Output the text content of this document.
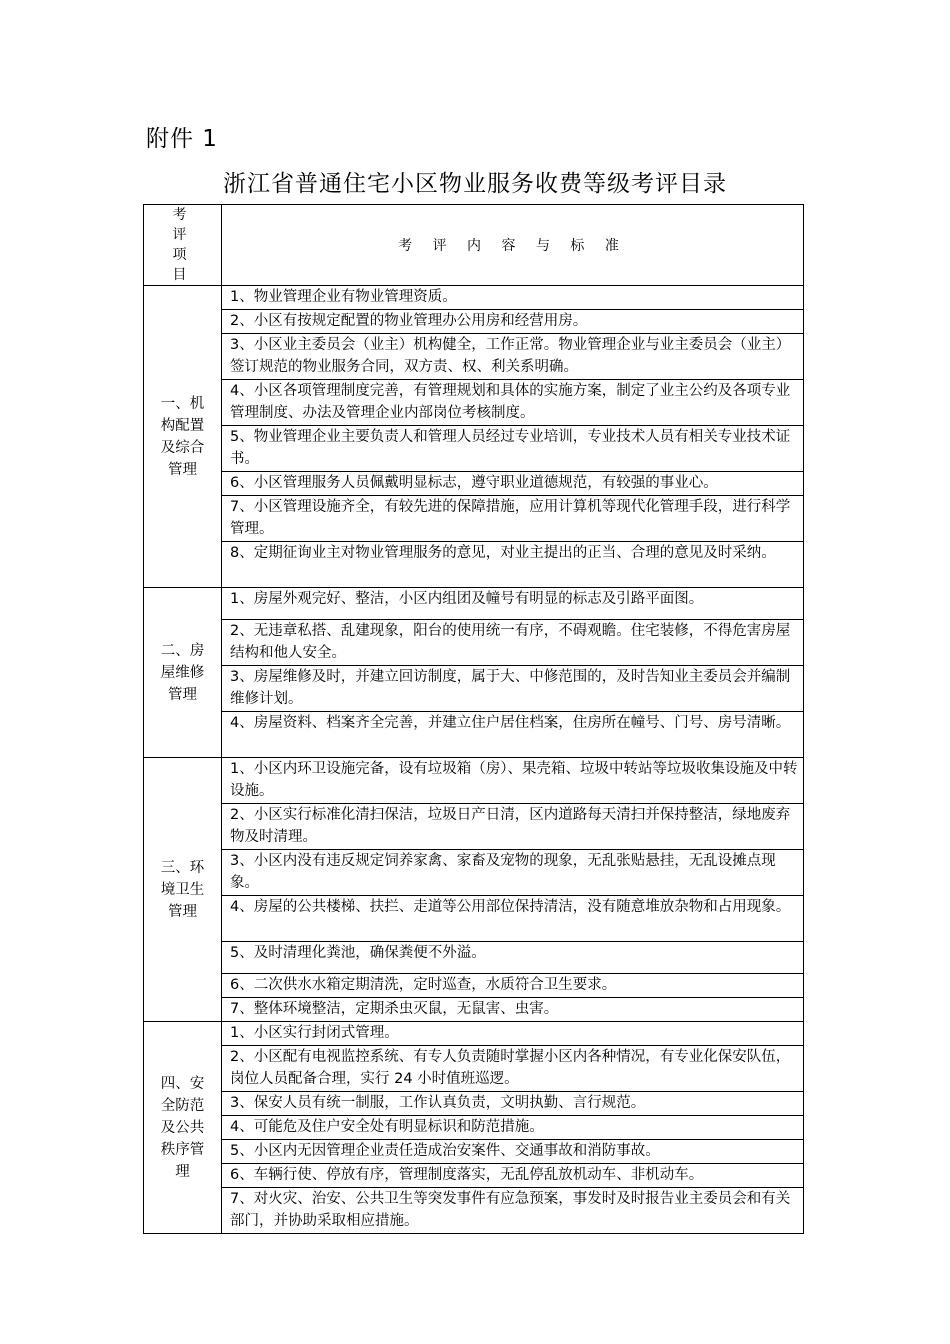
附件 1
浙江省普通住宅小区物业服务收费等级考评目录
考 评 项 目	考 评 内 容 与 标 准
一、机构配置及综合管理	1、物业管理企业有物业管理资质。
	2、小区有按规定配置的物业管理办公用房和经营用房。
	3、小区业主委员会（业主）机构健全，工作正常。物业管理企业与业主委员会（业主）签订规范的物业服务合同，双方责、权、利关系明确。
	4、小区各项管理制度完善，有管理规划和具体的实施方案，制定了业主公约及各项专业管理制度、办法及管理企业内部岗位考核制度。
	5、物业管理企业主要负责人和管理人员经过专业培训，专业技术人员有相关专业技术证书。
	6、小区管理服务人员佩戴明显标志，遵守职业道德规范，有较强的事业心。
	7、小区管理设施齐全，有较先进的保障措施，应用计算机等现代化管理手段，进行科学管理。
	8、定期征询业主对物业管理服务的意见，对业主提出的正当、合理的意见及时采纳。
二、房屋维修管理	1、房屋外观完好、整洁，小区内组团及幢号有明显的标志及引路平面图。
	2、无违章私搭、乱建现象，阳台的使用统一有序，不碍观瞻。住宅装修，不得危害房屋结构和他人安全。
	3、房屋维修及时，并建立回访制度，属于大、中修范围的，及时告知业主委员会并编制维修计划。
	4、房屋资料、档案齐全完善，并建立住户居住档案，住房所在幢号、门号、房号清晰。
三、环境卫生管理	1、小区内环卫设施完备，设有垃圾箱（房）、果壳箱、垃圾中转站等垃圾收集设施及中转设施。
	2、小区实行标准化清扫保洁，垃圾日产日清，区内道路每天清扫并保持整洁，绿地废弃物及时清理。
	3、小区内没有违反规定饲养家禽、家畜及宠物的现象，无乱张贴悬挂，无乱设摊点现象。
	4、房屋的公共楼梯、扶拦、走道等公用部位保持清洁，没有随意堆放杂物和占用现象。
	5、及时清理化粪池，确保粪便不外溢。
	6、二次供水水箱定期清洗，定时巡查，水质符合卫生要求。
	7、整体环境整洁，定期杀虫灭鼠，无鼠害、虫害。
四、安全防范及公共秩序管理	1、小区实行封闭式管理。
	2、小区配有电视监控系统、有专人负责随时掌握小区内各种情况，有专业化保安队伍，岗位人员配备合理，实行 24 小时值班巡逻。
	3、保安人员有统一制服，工作认真负责，文明执勤、言行规范。
	4、可能危及住户安全处有明显标识和防范措施。
	5、小区内无因管理企业责任造成治安案件、交通事故和消防事故。
	6、车辆行使、停放有序，管理制度落实，无乱停乱放机动车、非机动车。
	7、对火灾、治安、公共卫生等突发事件有应急预案，事发时及时报告业主委员会和有关部门，并协助采取相应措施。
